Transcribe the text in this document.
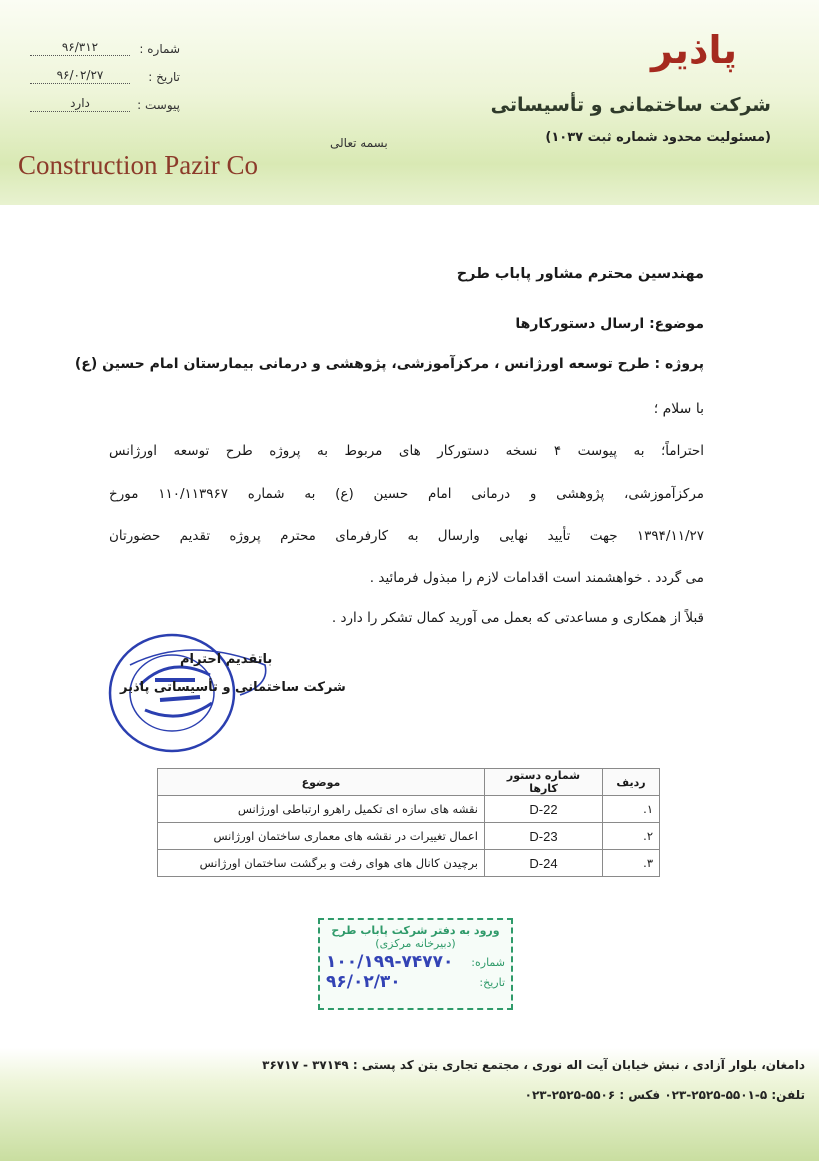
پاذیر
شرکت ساختمانی و تأسیساتی
(مسئولیت محدود شماره ثبت ۱۰۳۷)
Construction Pazir Co
شماره :
۹۶/۳۱۲
تاریخ :
۹۶/۰۲/۲۷
پیوست :
دارد
بسمه تعالی
مهندسین محترم مشاور پاباب طرح
موضوع: ارسال دستورکارها
پروژه : طرح توسعه اورژانس ، مرکزآموزشی، پژوهشی و درمانی بیمارستان امام حسین (ع)
با سلام ؛
احتراماً؛ به پیوست ۴ نسخه دستورکار های مربوط به پروژه طرح توسعه اورژانس
مرکزآموزشی، پژوهشی و درمانی امام حسین (ع) به شماره ۱۱۰/۱۱۳۹۶۷ مورخ
۱۳۹۴/۱۱/۲۷ جهت تأیید نهایی وارسال به کارفرمای محترم پروژه تقدیم حضورتان
می گردد . خواهشمند است اقدامات لازم را مبذول فرمائید .
قبلاً از همکاری و مساعدتی که بعمل می آورید کمال تشکر را دارد .
باتقدیم احترام
شرکت ساختمانی و تأسیساتی پاذیر
ردیف	شماره دستور کارها	موضوع
۱.	D-22	نقشه های سازه ای تکمیل راهرو ارتباطی اورژانس
۲.	D-23	اعمال تغییرات در نقشه های معماری ساختمان اورژانس
۳.	D-24	برچیدن کانال های هوای رفت و برگشت ساختمان اورژانس
ورود به دفتر شرکت پاباب طرح
(دبیرخانه مرکزی)
شماره:
۱۰۰/۱۹۹-۷۴۷۷۰
تاریخ:
۹۶/۰۲/۳۰
دامغان، بلوار آزادی ، نبش خیابان آیت اله نوری ، مجتمع تجاری بتن کد پستی : ۳۷۱۴۹ - ۳۶۷۱۷
تلفن: ۵-۵۵۰۱-۲۵۲۵-۰۲۳ فکس : ۵۵۰۶-۲۵۲۵-۰۲۳
